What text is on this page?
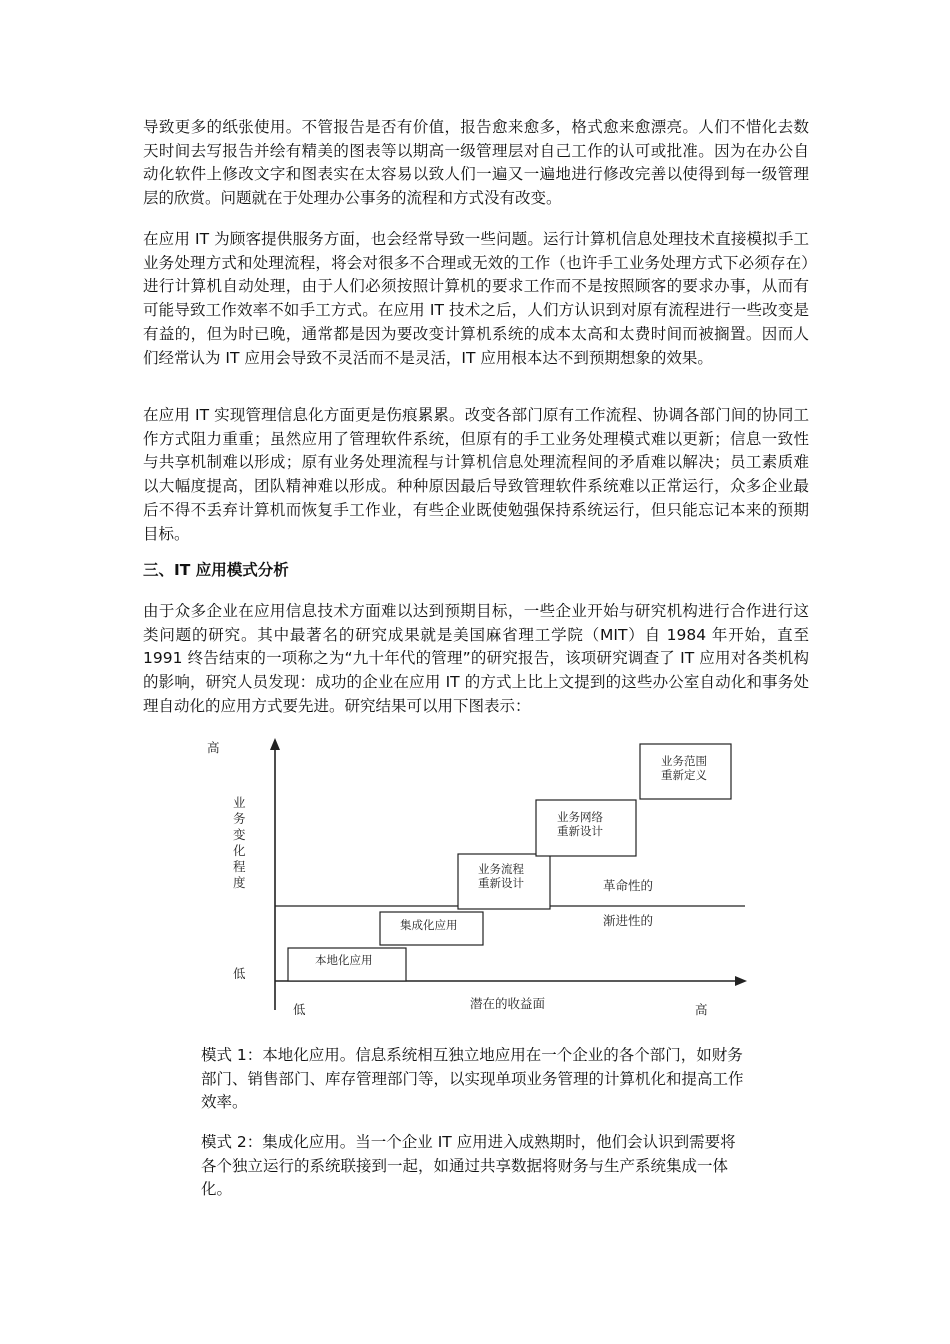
导致更多的纸张使用。不管报告是否有价值，报告愈来愈多，格式愈来愈漂亮。人们不惜化去数天时间去写报告并绘有精美的图表等以期高一级管理层对自己工作的认可或批准。因为在办公自动化软件上修改文字和图表实在太容易以致人们一遍又一遍地进行修改完善以使得到每一级管理层的欣赏。问题就在于处理办公事务的流程和方式没有改变。

在应用 IT 为顾客提供服务方面，也会经常导致一些问题。运行计算机信息处理技术直接模拟手工业务处理方式和处理流程，将会对很多不合理或无效的工作（也许手工业务处理方式下必须存在）进行计算机自动处理，由于人们必须按照计算机的要求工作而不是按照顾客的要求办事，从而有可能导致工作效率不如手工方式。在应用 IT 技术之后，人们方认识到对原有流程进行一些改变是有益的，但为时已晚，通常都是因为要改变计算机系统的成本太高和太费时间而被搁置。因而人们经常认为 IT 应用会导致不灵活而不是灵活，IT 应用根本达不到预期想象的效果。

在应用 IT 实现管理信息化方面更是伤痕累累。改变各部门原有工作流程、协调各部门间的协同工作方式阻力重重；虽然应用了管理软件系统，但原有的手工业务处理模式难以更新；信息一致性与共享机制难以形成；原有业务处理流程与计算机信息处理流程间的矛盾难以解决；员工素质难以大幅度提高，团队精神难以形成。种种原因最后导致管理软件系统难以正常运行，众多企业最后不得不丢弃计算机而恢复手工作业，有些企业既使勉强保持系统运行，但只能忘记本来的预期目标。

三、IT 应用模式分析

由于众多企业在应用信息技术方面难以达到预期目标，一些企业开始与研究机构进行合作进行这类问题的研究。其中最著名的研究成果就是美国麻省理工学院（MIT）自 1984 年开始，直至 1991 终告结束的一项称之为“九十年代的管理”的研究报告，该项研究调查了 IT 应用对各类机构的影响，研究人员发现：成功的企业在应用 IT 的方式上比上文提到的这些办公室自动化和事务处理自动化的应用方式要先进。研究结果可以用下图表示：

高
低
业
务
变
化
程
度
低	潜在的收益面	高
革命性的
渐进性的
本地化应用
集成化应用
业务流程
重新设计
业务网络
重新设计
业务范围
重新定义

模式 1：本地化应用。信息系统相互独立地应用在一个企业的各个部门，如财务部门、销售部门、库存管理部门等，以实现单项业务管理的计算机化和提高工作效率。

模式 2：集成化应用。当一个企业 IT 应用进入成熟期时，他们会认识到需要将各个独立运行的系统联接到一起，如通过共享数据将财务与生产系统集成一体化。
